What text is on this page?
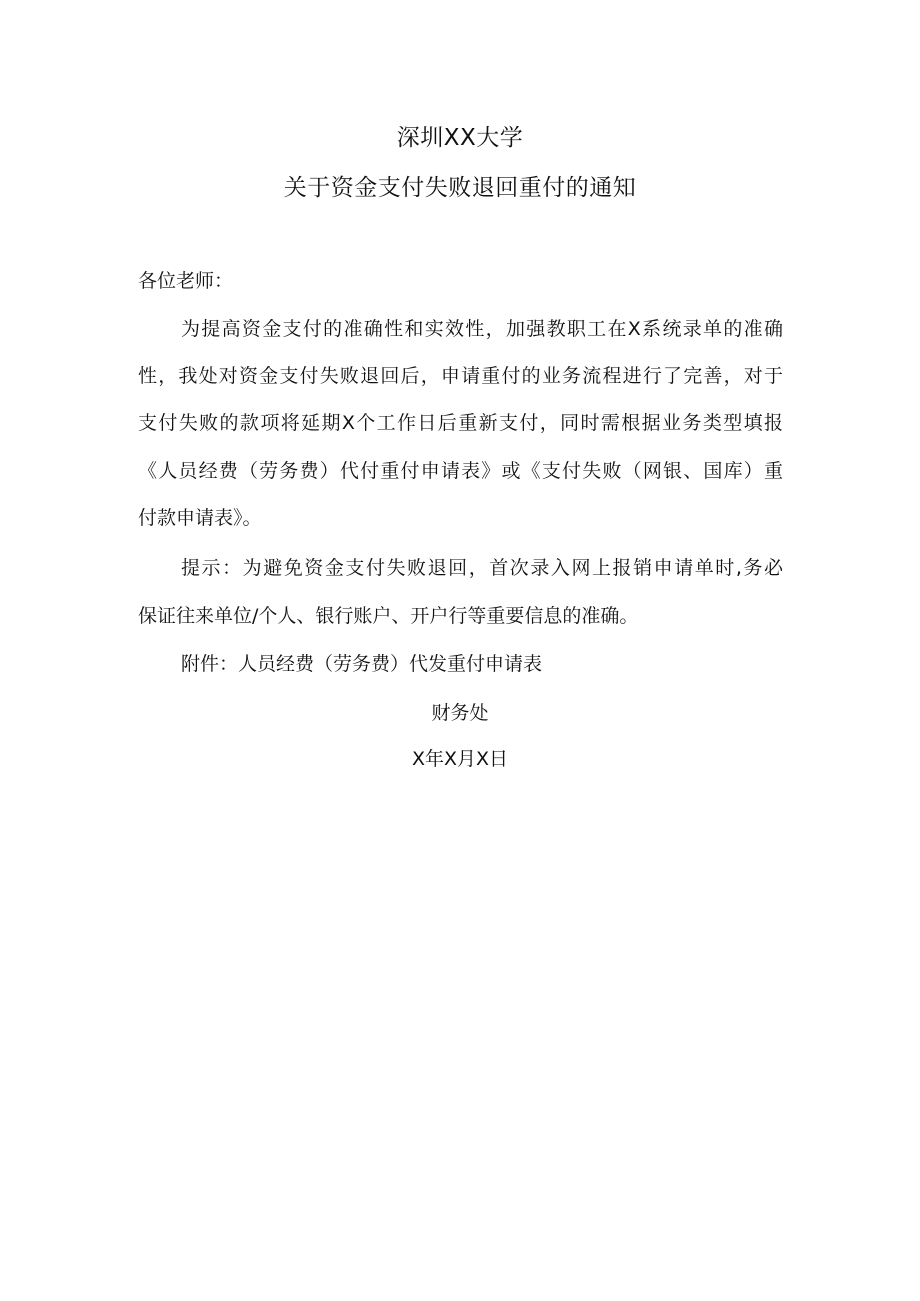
深圳XX大学
关于资金支付失败退回重付的通知
各位老师：
为提高资金支付的准确性和实效性，加强教职工在X系统录单的准确
性，我处对资金支付失败退回后，申请重付的业务流程进行了完善，对于
支付失败的款项将延期X个工作日后重新支付，同时需根据业务类型填报
《人员经费（劳务费）代付重付申请表》或《支付失败（网银、国库）重
付款申请表》。
提示：为避免资金支付失败退回，首次录入网上报销申请单时,务必
保证往来单位/个人、银行账户、开户行等重要信息的准确。
附件：人员经费（劳务费）代发重付申请表
财务处
X年X月X日
